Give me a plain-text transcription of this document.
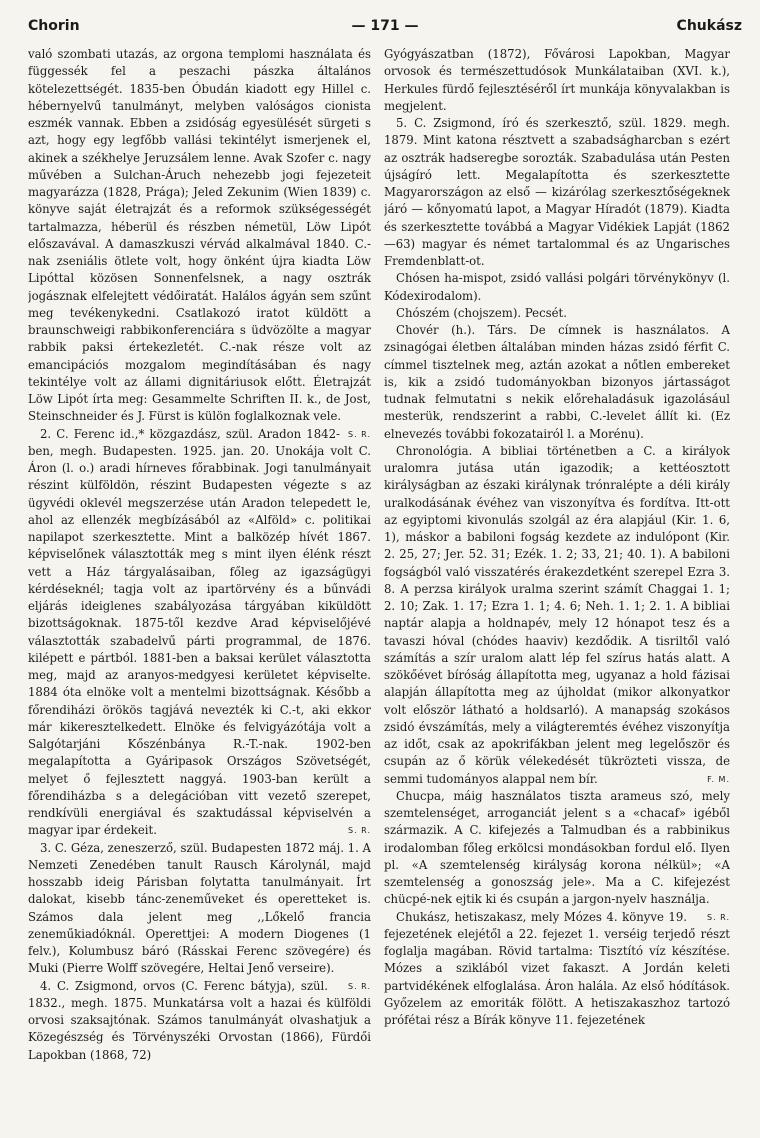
Chorin	— 171 —	Chukász

való szombati utazás, az orgona templomi használata és függessék fel a peszachi pászka általános kötelezettségét. 1835-ben Óbudán kiadott egy Hillel c. hébernyelvű tanulmányt, melyben valóságos cionista eszmék vannak. Ebben a zsidóság egyesülését sürgeti s azt, hogy egy legfőbb vallási tekintélyt ismerjenek el, akinek a székhelye Jeruzsálem lenne. Avak Szofer c. nagy művében a Sulchan-Áruch nehezebb jogi fejezeteit magyarázza (1828, Prága); Jeled Zekunim (Wien 1839) c. könyve saját életrajzát és a reformok szükségességét tartalmazza, héberül és részben németül, Löw Lipót előszavával. A damaszkuszi vérvád alkalmával 1840. C.-nak zseniális ötlete volt, hogy önként újra kiadta Löw Lipóttal közösen Sonnenfelsnek, a nagy osztrák jogásznak elfelejtett védőiratát. Halálos ágyán sem szűnt meg tevékenykedni. Csatlakozó iratot küldött a braunschweigi rabbikonferenciára s üdvözölte a magyar rabbik paksi értekezletét. C.-nak része volt az emancipációs mozgalom megindításában és nagy tekintélye volt az állami dignitáriusok előtt. Életrajzát Löw Lipót írta meg: Gesammelte Schriften II. k., de Jost, Steinschneider és J. Fürst is külön foglalkoznak vele.
S. R.

2. C. Ferenc id.,* közgazdász, szül. Aradon 1842-ben, megh. Budapesten. 1925. jan. 20. Unokája volt C. Áron (l. o.) aradi hírneves főrabbinak. Jogi tanulmányait részint külföldön, részint Budapesten végezte s az ügyvédi oklevél megszerzése után Aradon telepedett le, ahol az ellenzék megbízásából az «Alföld» c. politikai napilapot szerkesztette. Mint a balközép hívét 1867. képviselőnek választották meg s mint ilyen élénk részt vett a Ház tárgyalásaiban, főleg az igazságügyi kérdéseknél; tagja volt az ipartörvény és a bűnvádi eljárás ideiglenes szabályozása tárgyában kiküldött bizottságoknak. 1875-től kezdve Arad képviselőjévé választották szabadelvű párti programmal, de 1876. kilépett e pártból. 1881-ben a baksai kerület választotta meg, majd az aranyos-medgyesi kerületet képviselte. 1884 óta elnöke volt a mentelmi bizottságnak. Később a főrendiházi örökös tagjává nevezték ki C.-t, aki ekkor már kikeresztelkedett. Elnöke és felvigyázótája volt a Salgótarjáni Kőszénbánya R.-T.-nak. 1902-ben megalapította a Gyáripasok Országos Szövetségét, melyet ő fejlesztett naggyá. 1903-ban került a főrendiházba s a delegációban vitt vezető szerepet, rendkívüli energiával és szaktudással képviselvén a magyar ipar érdekeit.	S. R.

3. C. Géza, zeneszerző, szül. Budapesten 1872 máj. 1. A Nemzeti Zenedében tanult Rausch Károlynál, majd hosszabb ideig Párisban folytatta tanulmányait. Írt dalokat, kisebb tánc-zeneműveket és operetteket is. Számos dala jelent meg ,,Lőkelő francia zeneműkiadóknál. Operettjei: A modern Diogenes (1 felv.), Kolumbusz báró (Rásskai Ferenc szövegére) és Muki (Pierre Wolff szövegére, Heltai Jenő verseire).
S. R.

4. C. Zsigmond, orvos (C. Ferenc bátyja), szül. 1832., megh. 1875. Munkatársa volt a hazai és külföldi orvosi szaksajtónak. Számos tanulmányát olvashatjuk a Közegészség és Törvényszéki Orvostan (1866), Fürdői Lapokban (1868, 72)

Gyógyászatban (1872), Fővárosi Lapokban, Magyar orvosok és természettudósok Munkálataiban (XVI. k.), Herkules fürdő fejlesztéséről írt munkája könyvalakban is megjelent.

5. C. Zsigmond, író és szerkesztő, szül. 1829. megh. 1879. Mint katona résztvett a szabadságharcban s ezért az osztrák hadseregbe sorozták. Szabadulása után Pesten újságíró lett. Megalapította és szerkesztette Magyarországon az első — kizárólag szerkesztőségeknek járó — kőnyomatú lapot, a Magyar Híradót (1879). Kiadta és szerkesztette továbbá a Magyar Vidékiek Lapját (1862—63) magyar és német tartalommal és az Ungarisches Fremdenblatt-ot.

Chósen ha-mispot, zsidó vallási polgári törvénykönyv (l. Kódexirodalom).

Chószém (chojszem). Pecsét.

Chovér (h.). Társ. De címnek is használatos. A zsinagógai életben általában minden házas zsidó férfit C. címmel tisztelnek meg, aztán azokat a nőtlen embereket is, kik a zsidó tudományokban bizonyos jártasságot tudnak felmutatni s nekik előrehaladásuk igazolásául mesterük, rendszerint a rabbi, C.-levelet állít ki. (Ez elnevezés további fokozatairól l. a Morénu).

Chronológia. A bibliai történetben a C. a királyok uralomra jutása után igazodik; a kettéosztott királyságban az északi királynak trónralépte a déli király uralkodásának évéhez van viszonyítva és fordítva. Itt-ott az egyiptomi kivonulás szolgál az éra alapjául (Kir. 1. 6, 1), máskor a babiloni fogság kezdete az indulópont (Kir. 2. 25, 27; Jer. 52. 31; Ezék. 1. 2; 33, 21; 40. 1). A babiloni fogságból való visszatérés érakezdetként szerepel Ezra 3. 8. A perzsa királyok uralma szerint számít Chaggai 1. 1; 2. 10; Zak. 1. 17; Ezra 1. 1; 4. 6; Neh. 1. 1; 2. 1. A bibliai naptár alapja a holdnapév, mely 12 hónapot tesz és a tavaszi hóval (chódes haaviv) kezdődik. A tisriltől való számítás a szír uralom alatt lép fel szírus hatás alatt. A szökőévet bíróság állapította meg, ugyanaz a hold fázisai alapján állapította meg az újholdat (mikor alkonyatkor volt először látható a holdsarló). A manapság szokásos zsidó évszámítás, mely a világteremtés évéhez viszonyítja az időt, csak az apokrifákban jelent meg legelőször és csupán az ő körük vélekedését tükrözteti vissza, de semmi tudományos alappal nem bír.	F. M.

Chucpa, máig használatos tiszta arameus szó, mely szemtelenséget, arroganciát jelent s a «chacaf» igéből származik. A C. kifejezés a Talmudban és a rabbinikus irodalomban főleg erkölcsi mondásokban fordul elő. Ilyen pl. «A szemtelenség királyság korona nélkül»; «A szemtelenség a gonoszság jele». Ma a C. kifejezést chücpé-nek ejtik ki és csupán a jargon-nyelv használja.
S. R.

Chukász, hetiszakasz, mely Mózes 4. könyve 19. fejezetének elejétől a 22. fejezet 1. verséig terjedő részt foglalja magában. Rövid tartalma: Tisztító víz készítése. Mózes a sziklából vizet fakaszt. A Jordán keleti partvidékének elfoglalása. Áron halála. Az első hódítások. Győzelem az emoriták fölött. A hetiszakaszhoz tartozó prófétai rész a Bírák könyve 11. fejezetének
